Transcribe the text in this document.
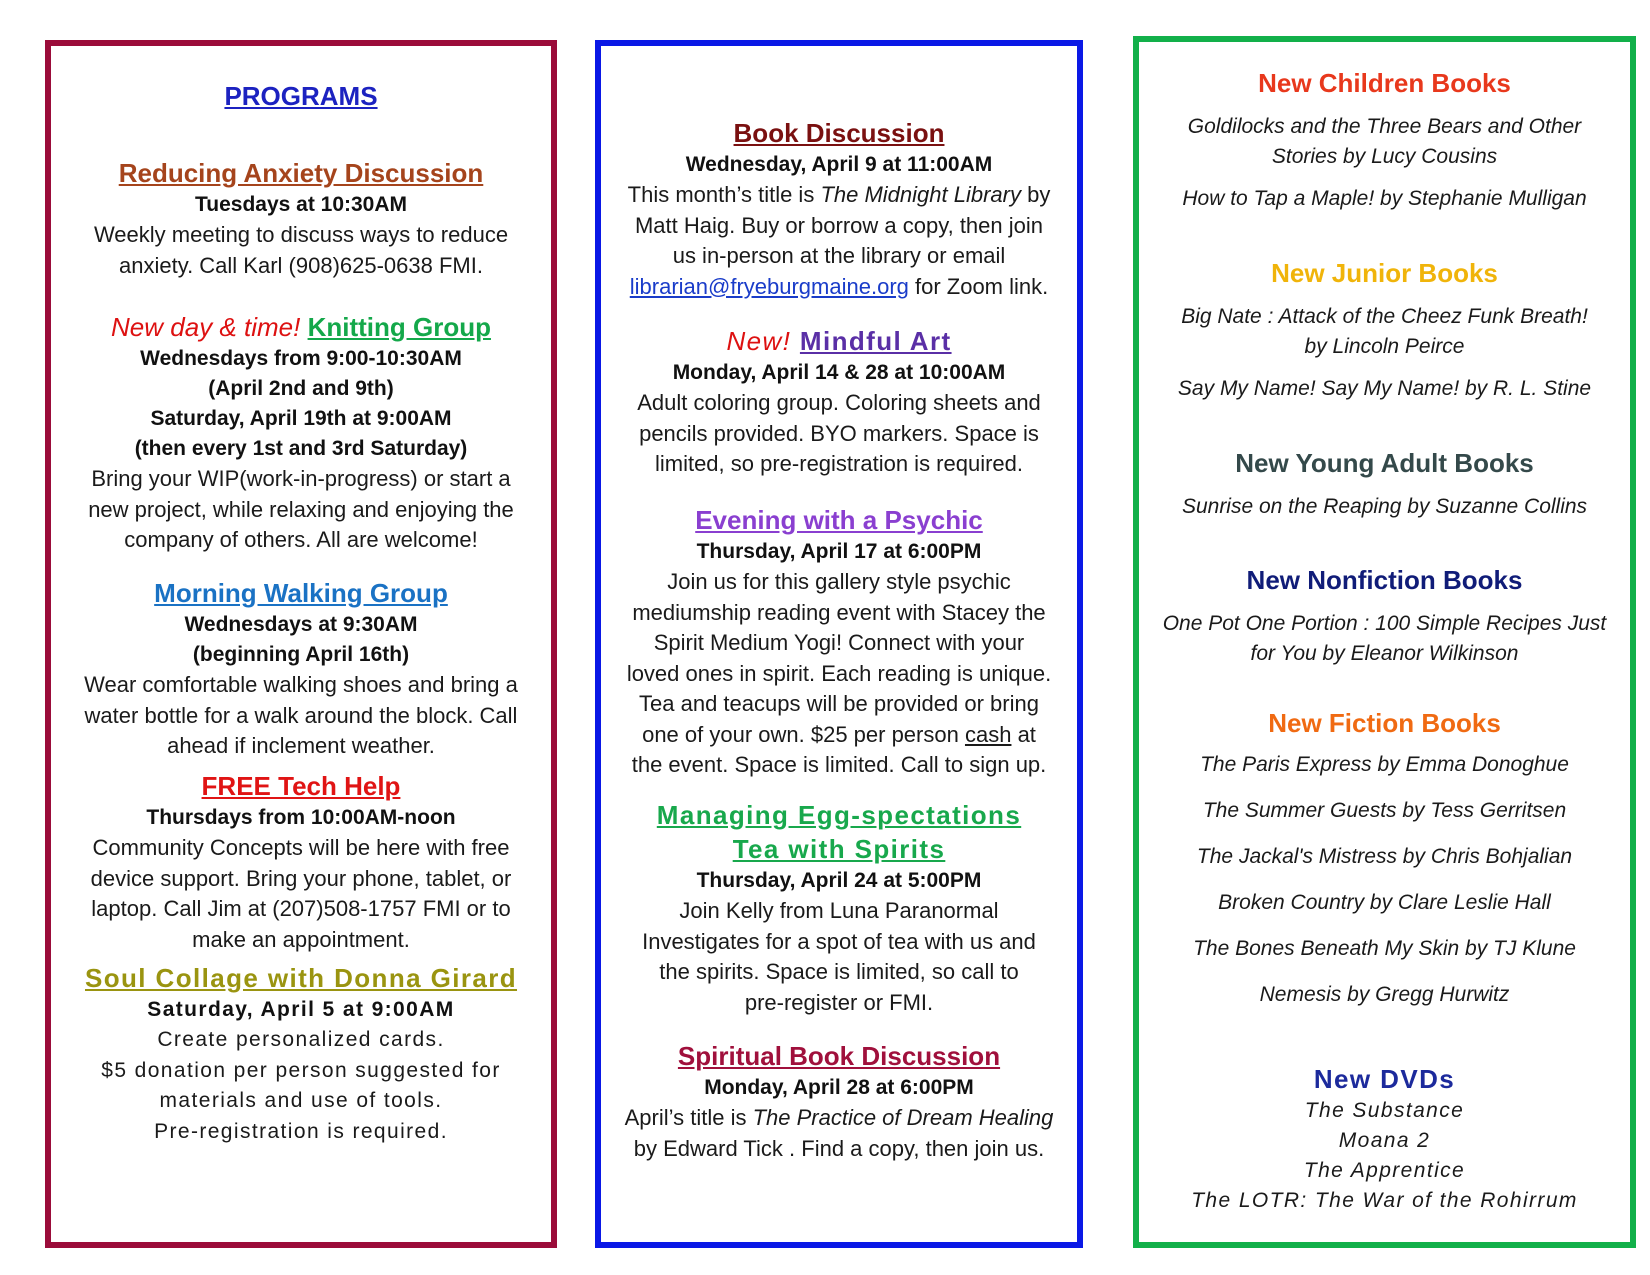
PROGRAMS
Reducing Anxiety Discussion
Tuesdays at 10:30AM
Weekly meeting to discuss ways to reduce
anxiety. Call Karl (908)625-0638 FMI.
New day & time! Knitting Group
Wednesdays from 9:00-10:30AM
(April 2nd and 9th)
Saturday, April 19th at 9:00AM
(then every 1st and 3rd Saturday)
Bring your WIP(work-in-progress) or start a
new project, while relaxing and enjoying the
company of others. All are welcome!
Morning Walking Group
Wednesdays at 9:30AM
(beginning April 16th)
Wear comfortable walking shoes and bring a
water bottle for a walk around the block. Call
ahead if inclement weather.
FREE Tech Help
Thursdays from 10:00AM-noon
Community Concepts will be here with free
device support. Bring your phone, tablet, or
laptop. Call Jim at (207)508-1757 FMI or to
make an appointment.
Soul Collage with Donna Girard
Saturday, April 5 at 9:00AM
Create personalized cards.
$5 donation per person suggested for
materials and use of tools.
Pre-registration is required.
Book Discussion
Wednesday, April 9 at 11:00AM
This month’s title is The Midnight Library by
Matt Haig. Buy or borrow a copy, then join
us in-person at the library or email
librarian@fryeburgmaine.org for Zoom link.
New! Mindful Art
Monday, April 14 & 28 at 10:00AM
Adult coloring group. Coloring sheets and
pencils provided. BYO markers. Space is
limited, so pre-registration is required.
Evening with a Psychic
Thursday, April 17 at 6:00PM
Join us for this gallery style psychic
mediumship reading event with Stacey the
Spirit Medium Yogi! Connect with your
loved ones in spirit. Each reading is unique.
Tea and teacups will be provided or bring
one of your own. $25 per person cash at
the event. Space is limited. Call to sign up.
Managing Egg-spectations
Tea with Spirits
Thursday, April 24 at 5:00PM
Join Kelly from Luna Paranormal
Investigates for a spot of tea with us and
the spirits. Space is limited, so call to
pre-register or FMI.
Spiritual Book Discussion
Monday, April 28 at 6:00PM
April’s title is The Practice of Dream Healing
by Edward Tick . Find a copy, then join us.
New Children Books
Goldilocks and the Three Bears and Other
Stories by Lucy Cousins
How to Tap a Maple! by Stephanie Mulligan
New Junior Books
Big Nate : Attack of the Cheez Funk Breath!
by Lincoln Peirce
Say My Name! Say My Name! by R. L. Stine
New Young Adult Books
Sunrise on the Reaping by Suzanne Collins
New Nonfiction Books
One Pot One Portion : 100 Simple Recipes Just
for You by Eleanor Wilkinson
New Fiction Books
The Paris Express by Emma Donoghue
The Summer Guests by Tess Gerritsen
The Jackal's Mistress by Chris Bohjalian
Broken Country by Clare Leslie Hall
The Bones Beneath My Skin by TJ Klune
Nemesis by Gregg Hurwitz
New DVDs
The Substance
Moana 2
The Apprentice
The LOTR: The War of the Rohirrum
